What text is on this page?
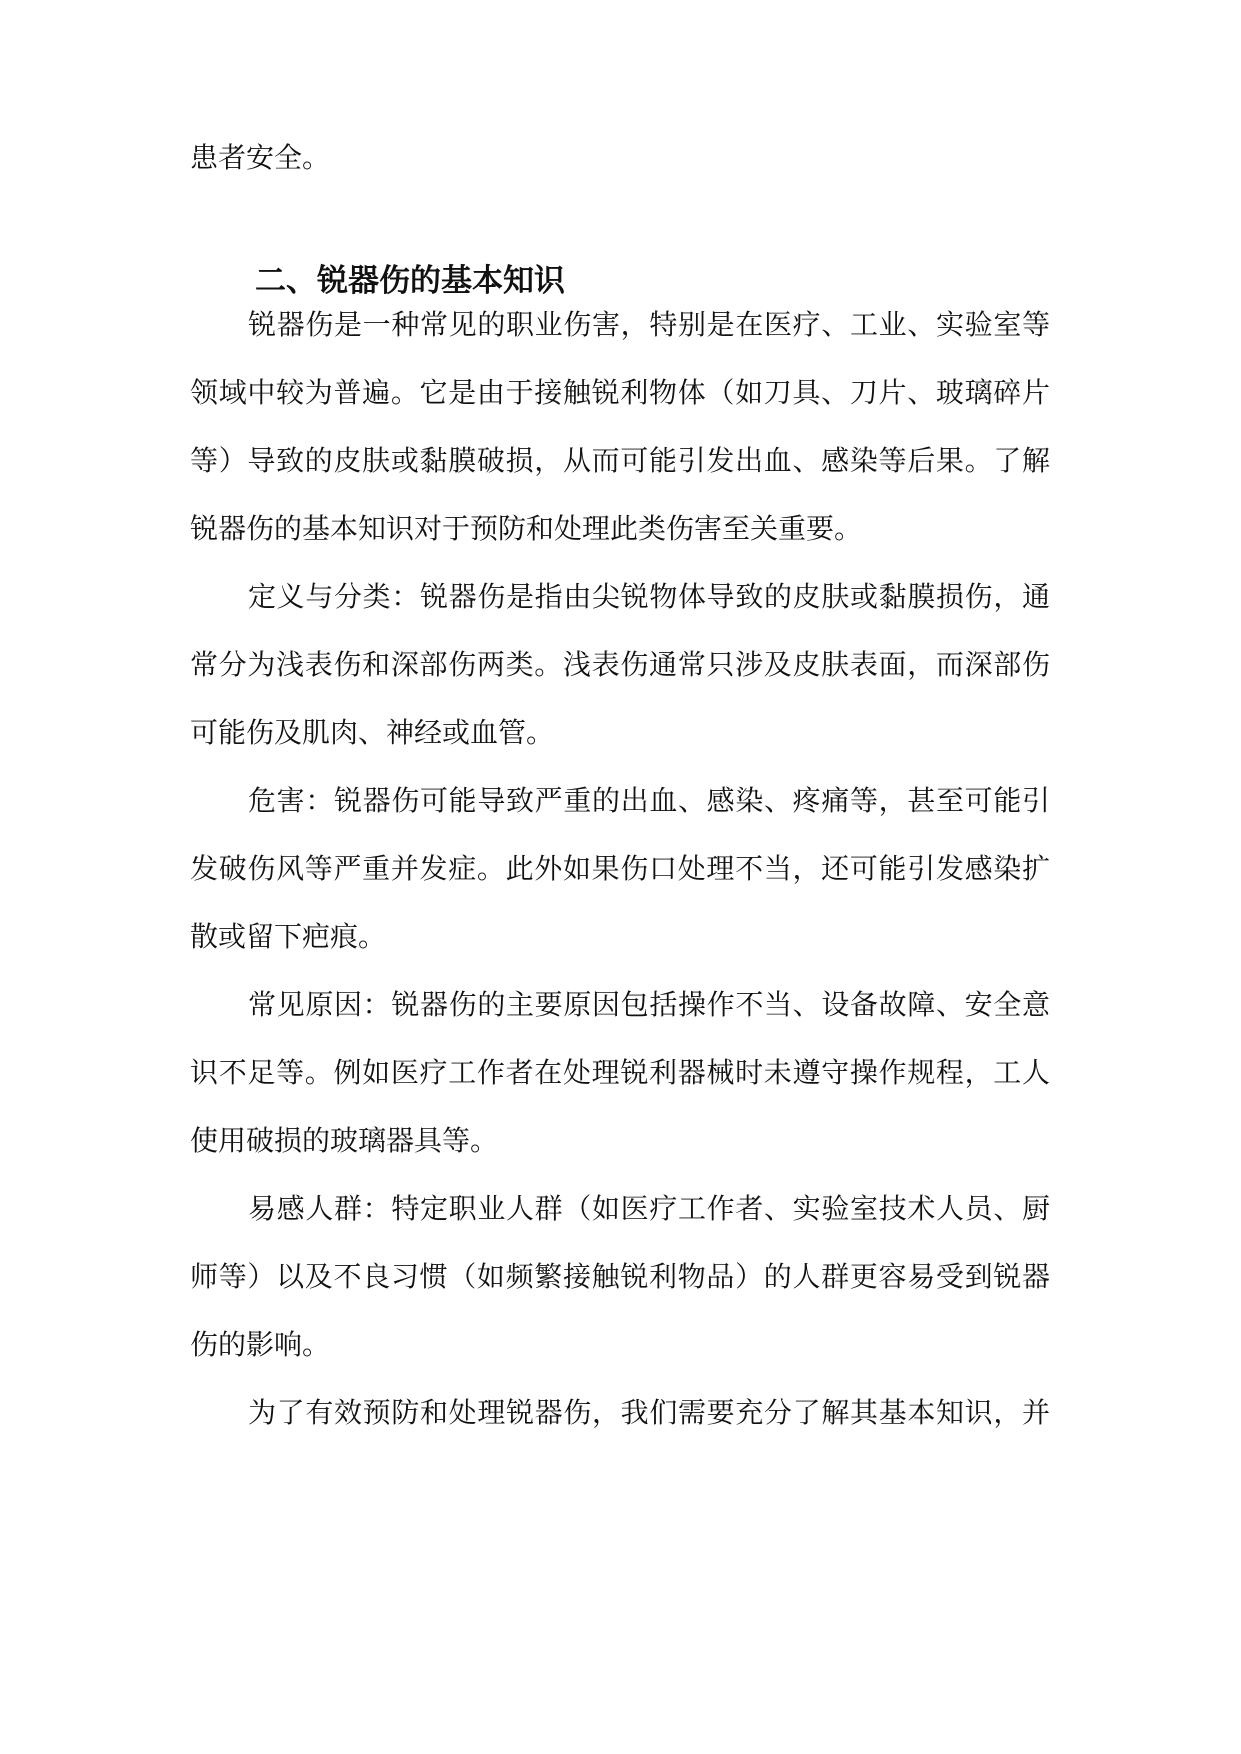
患者安全。

二、锐器伤的基本知识

锐器伤是一种常见的职业伤害，特别是在医疗、工业、实验室等

领域中较为普遍。它是由于接触锐利物体（如刀具、刀片、玻璃碎片

等）导致的皮肤或黏膜破损，从而可能引发出血、感染等后果。了解

锐器伤的基本知识对于预防和处理此类伤害至关重要。

定义与分类：锐器伤是指由尖锐物体导致的皮肤或黏膜损伤，通

常分为浅表伤和深部伤两类。浅表伤通常只涉及皮肤表面，而深部伤

可能伤及肌肉、神经或血管。

危害：锐器伤可能导致严重的出血、感染、疼痛等，甚至可能引

发破伤风等严重并发症。此外如果伤口处理不当，还可能引发感染扩

散或留下疤痕。

常见原因：锐器伤的主要原因包括操作不当、设备故障、安全意

识不足等。例如医疗工作者在处理锐利器械时未遵守操作规程，工人

使用破损的玻璃器具等。

易感人群：特定职业人群（如医疗工作者、实验室技术人员、厨

师等）以及不良习惯（如频繁接触锐利物品）的人群更容易受到锐器

伤的影响。

为了有效预防和处理锐器伤，我们需要充分了解其基本知识，并
